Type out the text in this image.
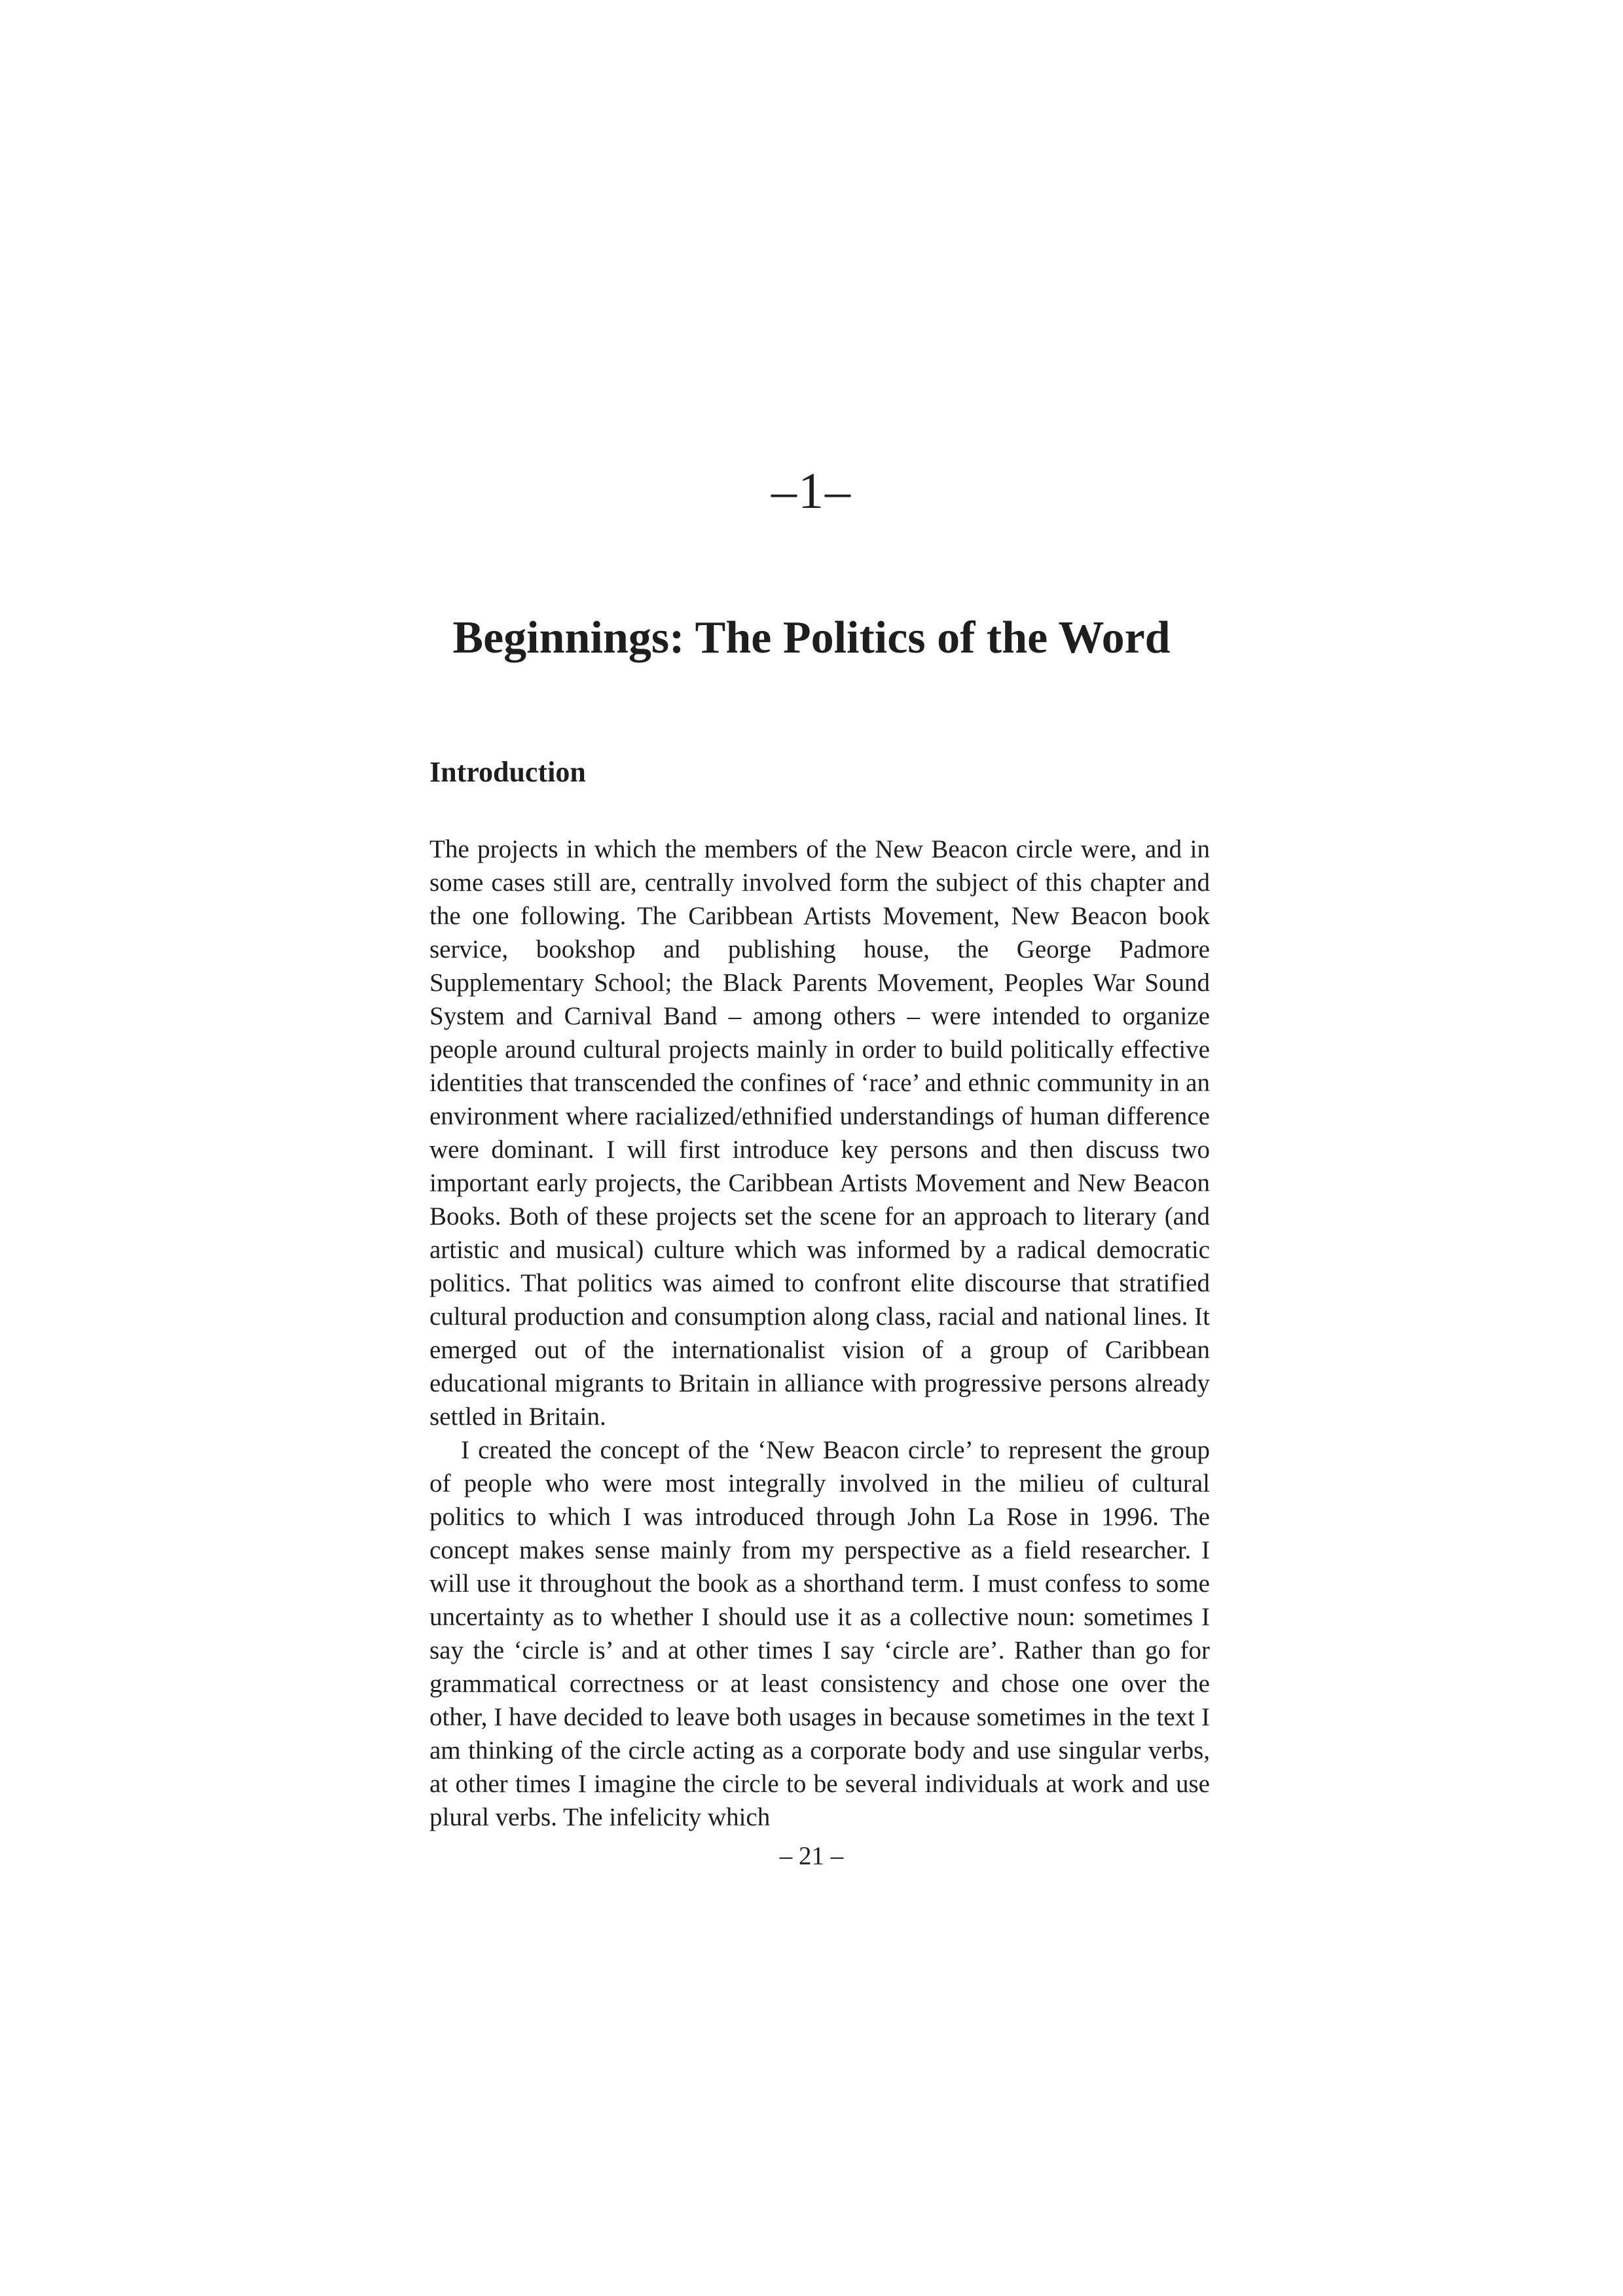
–1–
Beginnings: The Politics of the Word
Introduction

The projects in which the members of the New Beacon circle were, and in some cases still are, centrally involved form the subject of this chapter and the one following. The Caribbean Artists Movement, New Beacon book service, bookshop and publishing house, the George Padmore Supplementary School; the Black Parents Movement, Peoples War Sound System and Carnival Band – among others – were intended to organize people around cultural projects mainly in order to build politically effective identities that transcended the confines of ‘race’ and ethnic community in an environment where racialized/ethnified understandings of human difference were dominant. I will first introduce key persons and then discuss two important early projects, the Caribbean Artists Movement and New Beacon Books. Both of these projects set the scene for an approach to literary (and artistic and musical) culture which was informed by a radical democratic politics. That politics was aimed to confront elite discourse that stratified cultural production and consumption along class, racial and national lines. It emerged out of the internationalist vision of a group of Caribbean educational migrants to Britain in alliance with progressive persons already settled in Britain.

I created the concept of the ‘New Beacon circle’ to represent the group of people who were most integrally involved in the milieu of cultural politics to which I was introduced through John La Rose in 1996. The concept makes sense mainly from my perspective as a field researcher. I will use it throughout the book as a shorthand term. I must confess to some uncertainty as to whether I should use it as a collective noun: sometimes I say the ‘circle is’ and at other times I say ‘circle are’. Rather than go for grammatical correctness or at least consistency and chose one over the other, I have decided to leave both usages in because sometimes in the text I am thinking of the circle acting as a corporate body and use singular verbs, at other times I imagine the circle to be several individuals at work and use plural verbs. The infelicity which

– 21 –
